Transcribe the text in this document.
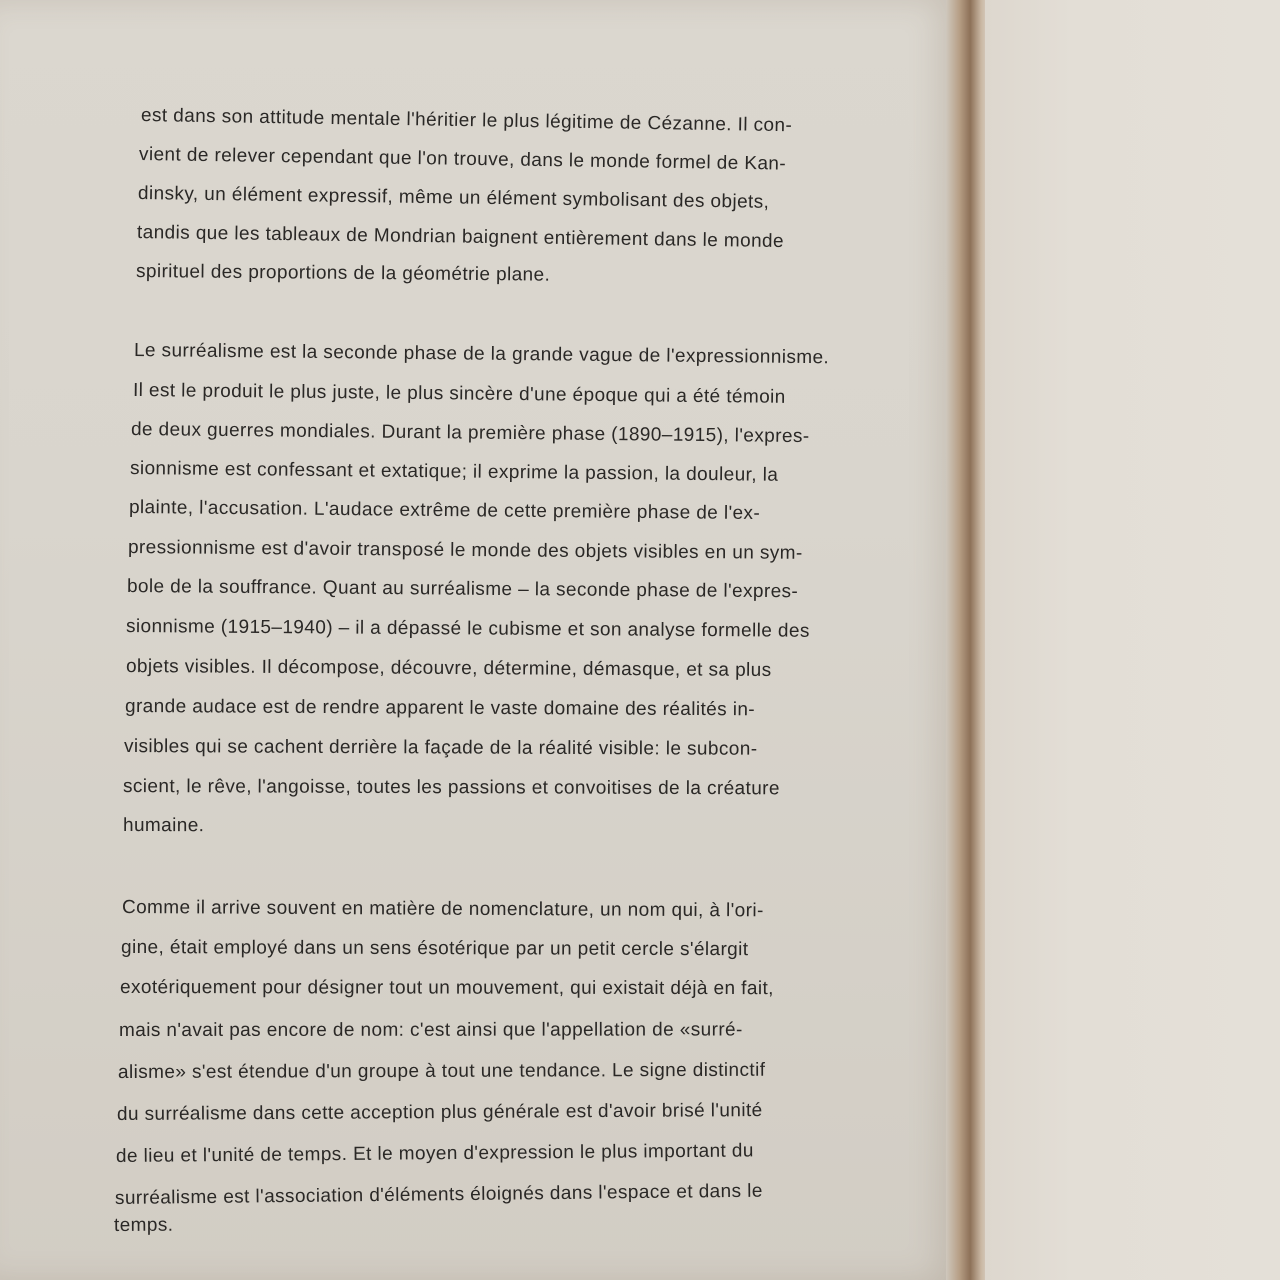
est dans son attitude mentale l'héritier le plus légitime de Cézanne. Il con-
vient de relever cependant que l'on trouve, dans le monde formel de Kan-
dinsky, un élément expressif, même un élément symbolisant des objets,
tandis que les tableaux de Mondrian baignent entièrement dans le monde
spirituel des proportions de la géométrie plane.
Le surréalisme est la seconde phase de la grande vague de l'expressionnisme.
Il est le produit le plus juste, le plus sincère d'une époque qui a été témoin
de deux guerres mondiales. Durant la première phase (1890–1915), l'expres-
sionnisme est confessant et extatique; il exprime la passion, la douleur, la
plainte, l'accusation. L'audace extrême de cette première phase de l'ex-
pressionnisme est d'avoir transposé le monde des objets visibles en un sym-
bole de la souffrance. Quant au surréalisme – la seconde phase de l'expres-
sionnisme (1915–1940) – il a dépassé le cubisme et son analyse formelle des
objets visibles. Il décompose, découvre, détermine, démasque, et sa plus
grande audace est de rendre apparent le vaste domaine des réalités in-
visibles qui se cachent derrière la façade de la réalité visible: le subcon-
scient, le rêve, l'angoisse, toutes les passions et convoitises de la créature
humaine.
Comme il arrive souvent en matière de nomenclature, un nom qui, à l'ori-
gine, était employé dans un sens ésotérique par un petit cercle s'élargit
exotériquement pour désigner tout un mouvement, qui existait déjà en fait,
mais n'avait pas encore de nom: c'est ainsi que l'appellation de «surré-
alisme» s'est étendue d'un groupe à tout une tendance. Le signe distinctif
du surréalisme dans cette acception plus générale est d'avoir brisé l'unité
de lieu et l'unité de temps. Et le moyen d'expression le plus important du
surréalisme est l'association d'éléments éloignés dans l'espace et dans le
temps.
